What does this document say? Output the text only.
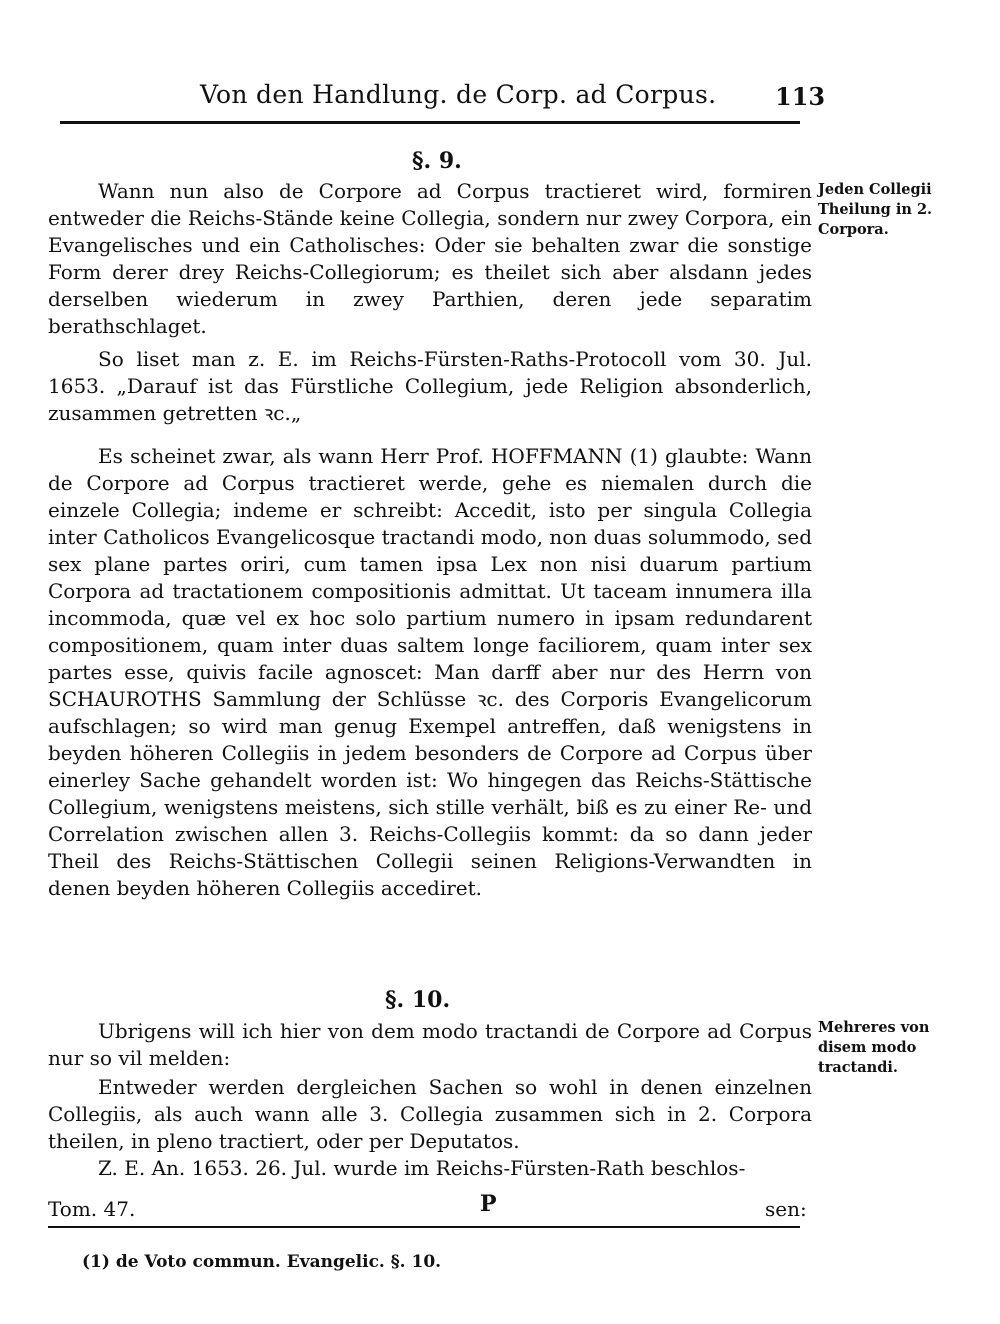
Von den Handlung. de Corp. ad Corpus. 113
§. 9.

Wann nun also de Corpore ad Corpus tractieret wird, formiren entweder die Reichs-Stände keine Collegia, sondern nur zwey Corpora, ein Evangelisches und ein Catholisches: Oder sie behalten zwar die sonstige Form derer drey Reichs-Collegiorum; es theilet sich aber alsdann jedes derselben wiederum in zwey Parthien, deren jede separatim berathschlaget.

So liset man z. E. im Reichs-Fürsten-Raths-Protocoll vom 30. Jul. 1653. „Darauf ist das Fürstliche Collegium, jede Religion absonderlich, zusammen getretten ꝛc.„

Es scheinet zwar, als wann Herr Prof. HOFFMANN (1) glaubte: Wann de Corpore ad Corpus tractieret werde, gehe es niemalen durch die einzele Collegia; indeme er schreibt: Accedit, isto per singula Collegia inter Catholicos Evangelicosque tractandi modo, non duas solummodo, sed sex plane partes oriri, cum tamen ipsa Lex non nisi duarum partium Corpora ad tractationem compositionis admittat. Ut taceam innumera illa incommoda, quæ vel ex hoc solo partium numero in ipsam redundarent compositionem, quam inter duas saltem longe faciliorem, quam inter sex partes esse, quivis facile agnoscet: Man darff aber nur des Herrn von SCHAUROTHS Sammlung der Schlüsse ꝛc. des Corporis Evangelicorum aufschlagen; so wird man genug Exempel antreffen, daß wenigstens in beyden höheren Collegiis in jedem besonders de Corpore ad Corpus über einerley Sache gehandelt worden ist: Wo hingegen das Reichs-Stättische Collegium, wenigstens meistens, sich stille verhält, biß es zu einer Re- und Correlation zwischen allen 3. Reichs-Collegiis kommt: da so dann jeder Theil des Reichs-Stättischen Collegii seinen Religions-Verwandten in denen beyden höheren Collegiis accediret.

Jeden Collegii Theilung in 2. Corpora.

§. 10.

Ubrigens will ich hier von dem modo tractandi de Corpore ad Corpus nur so vil melden:

Entweder werden dergleichen Sachen so wohl in denen einzelnen Collegiis, als auch wann alle 3. Collegia zusammen sich in 2. Corpora theilen, in pleno tractiert, oder per Deputatos.

Z. E. An. 1653. 26. Jul. wurde im Reichs-Fürsten-Rath beschlos-

Mehreres von disem modo tractandi.

Tom. 47.	P	sen:

(1) de Voto commun. Evangelic. §. 10.
